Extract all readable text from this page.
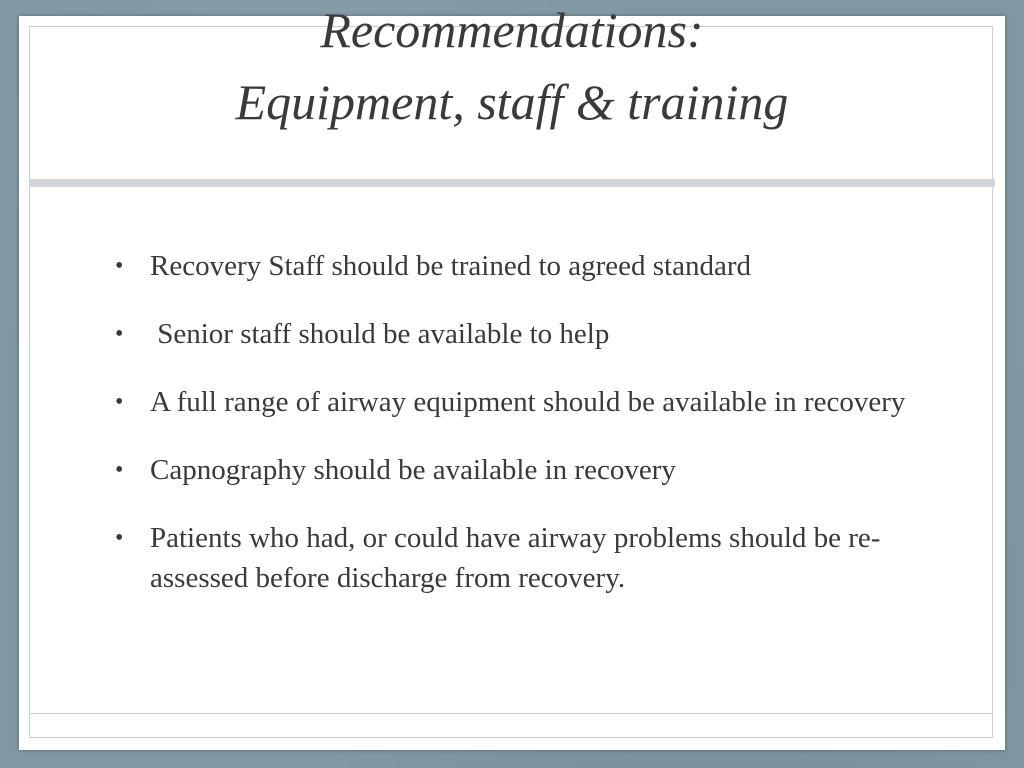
Recommendations:
Equipment, staff & training
• Recovery Staff should be trained to agreed standard
• Senior staff should be available to help
• A full range of airway equipment should be available in recovery
• Capnography should be available in recovery
• Patients who had, or could have airway problems should be re-assessed before discharge from recovery.
